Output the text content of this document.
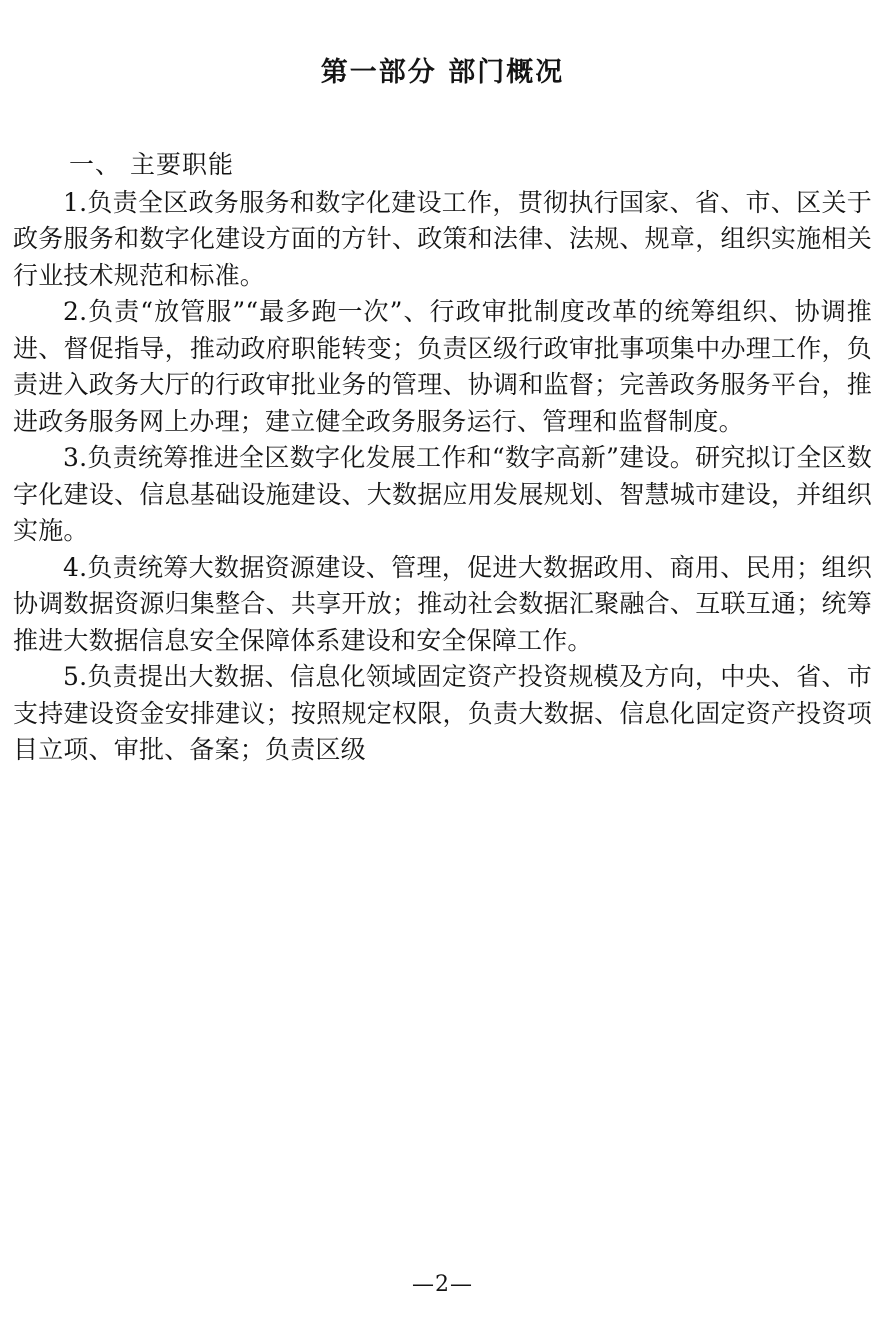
第一部分 部门概况

一、 主要职能

1.负责全区政务服务和数字化建设工作，贯彻执行国家、省、市、区关于政务服务和数字化建设方面的方针、政策和法律、法规、规章，组织实施相关行业技术规范和标准。

2.负责“放管服”“最多跑一次”、行政审批制度改革的统筹组织、协调推进、督促指导，推动政府职能转变；负责区级行政审批事项集中办理工作，负责进入政务大厅的行政审批业务的管理、协调和监督；完善政务服务平台，推进政务服务网上办理；建立健全政务服务运行、管理和监督制度。

3.负责统筹推进全区数字化发展工作和“数字高新”建设。研究拟订全区数字化建设、信息基础设施建设、大数据应用发展规划、智慧城市建设，并组织实施。

4.负责统筹大数据资源建设、管理，促进大数据政用、商用、民用；组织协调数据资源归集整合、共享开放；推动社会数据汇聚融合、互联互通；统筹推进大数据信息安全保障体系建设和安全保障工作。

5.负责提出大数据、信息化领域固定资产投资规模及方向，中央、省、市支持建设资金安排建议；按照规定权限，负责大数据、信息化固定资产投资项目立项、审批、备案；负责区级

—2—
